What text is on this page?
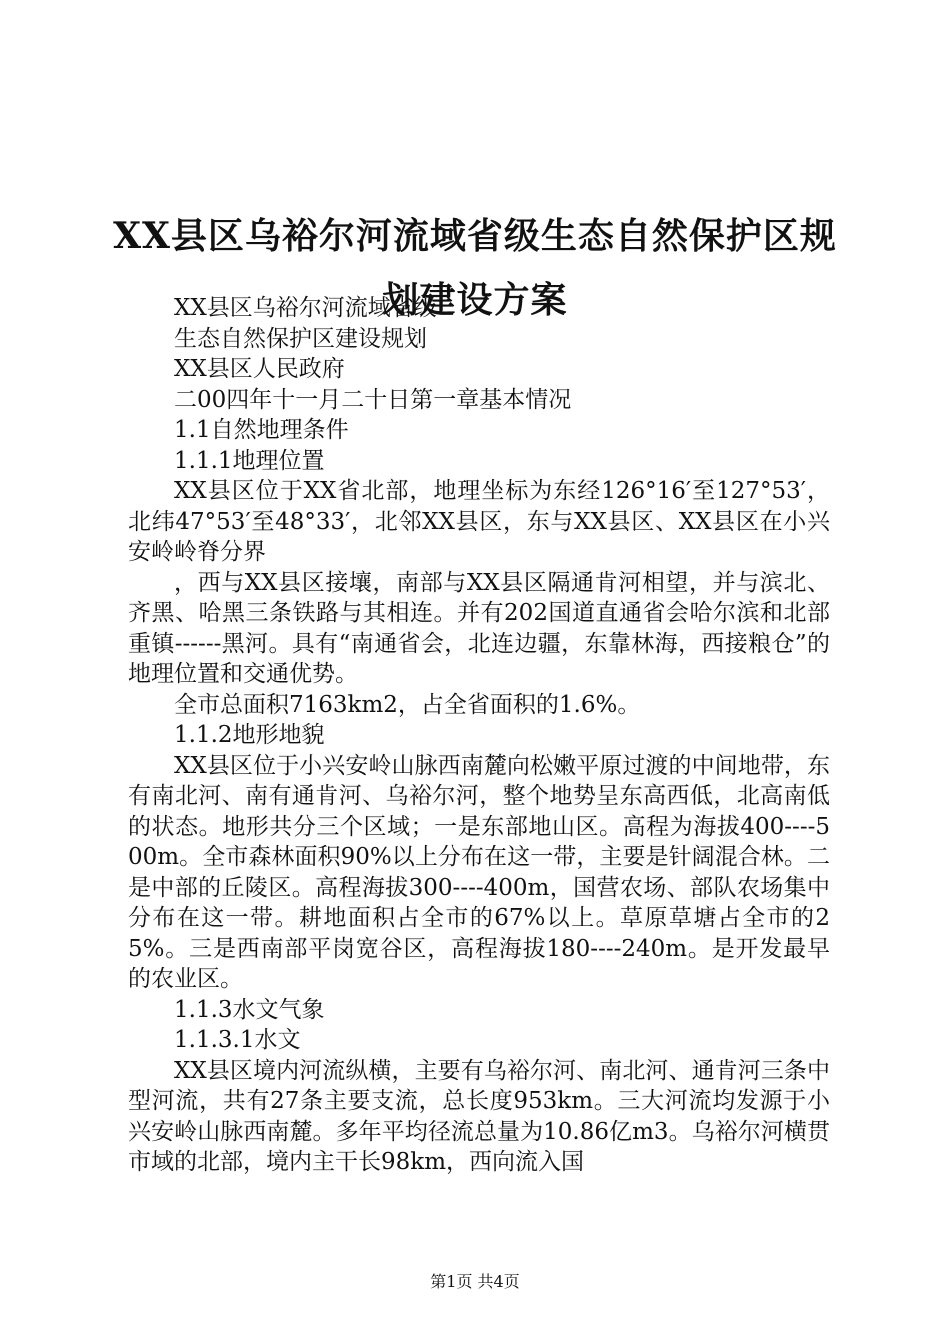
XX县区乌裕尔河流域省级生态自然保护区规划建设方案

XX县区乌裕尔河流域省级

生态自然保护区建设规划

XX县区人民政府

二00四年十一月二十日第一章基本情况

1.1自然地理条件

1.1.1地理位置

XX县区位于XX省北部，地理坐标为东经126°16′至127°53′，北纬47°53′至48°33′，北邻XX县区，东与XX县区、XX县区在小兴安岭岭脊分界

，西与XX县区接壤，南部与XX县区隔通肯河相望，并与滨北、齐黑、哈黑三条铁路与其相连。并有202国道直通省会哈尔滨和北部重镇------黑河。具有“南通省会，北连边疆，东靠林海，西接粮仓”的地理位置和交通优势。

全市总面积7163km2，占全省面积的1.6%。

1.1.2地形地貌

XX县区位于小兴安岭山脉西南麓向松嫩平原过渡的中间地带，东有南北河、南有通肯河、乌裕尔河，整个地势呈东高西低，北高南低的状态。地形共分三个区域；一是东部地山区。高程为海拔400----500m。全市森林面积90%以上分布在这一带，主要是针阔混合林。二是中部的丘陵区。高程海拔300----400m，国营农场、部队农场集中分布在这一带。耕地面积占全市的67%以上。草原草塘占全市的25%。三是西南部平岗宽谷区，高程海拔180----240m。是开发最早的农业区。

1.1.3水文气象

1.1.3.1水文

XX县区境内河流纵横，主要有乌裕尔河、南北河、通肯河三条中型河流，共有27条主要支流，总长度953km。三大河流均发源于小兴安岭山脉西南麓。多年平均径流总量为10.86亿m3。乌裕尔河横贯市域的北部，境内主干长98km，西向流入国

第1页 共4页
